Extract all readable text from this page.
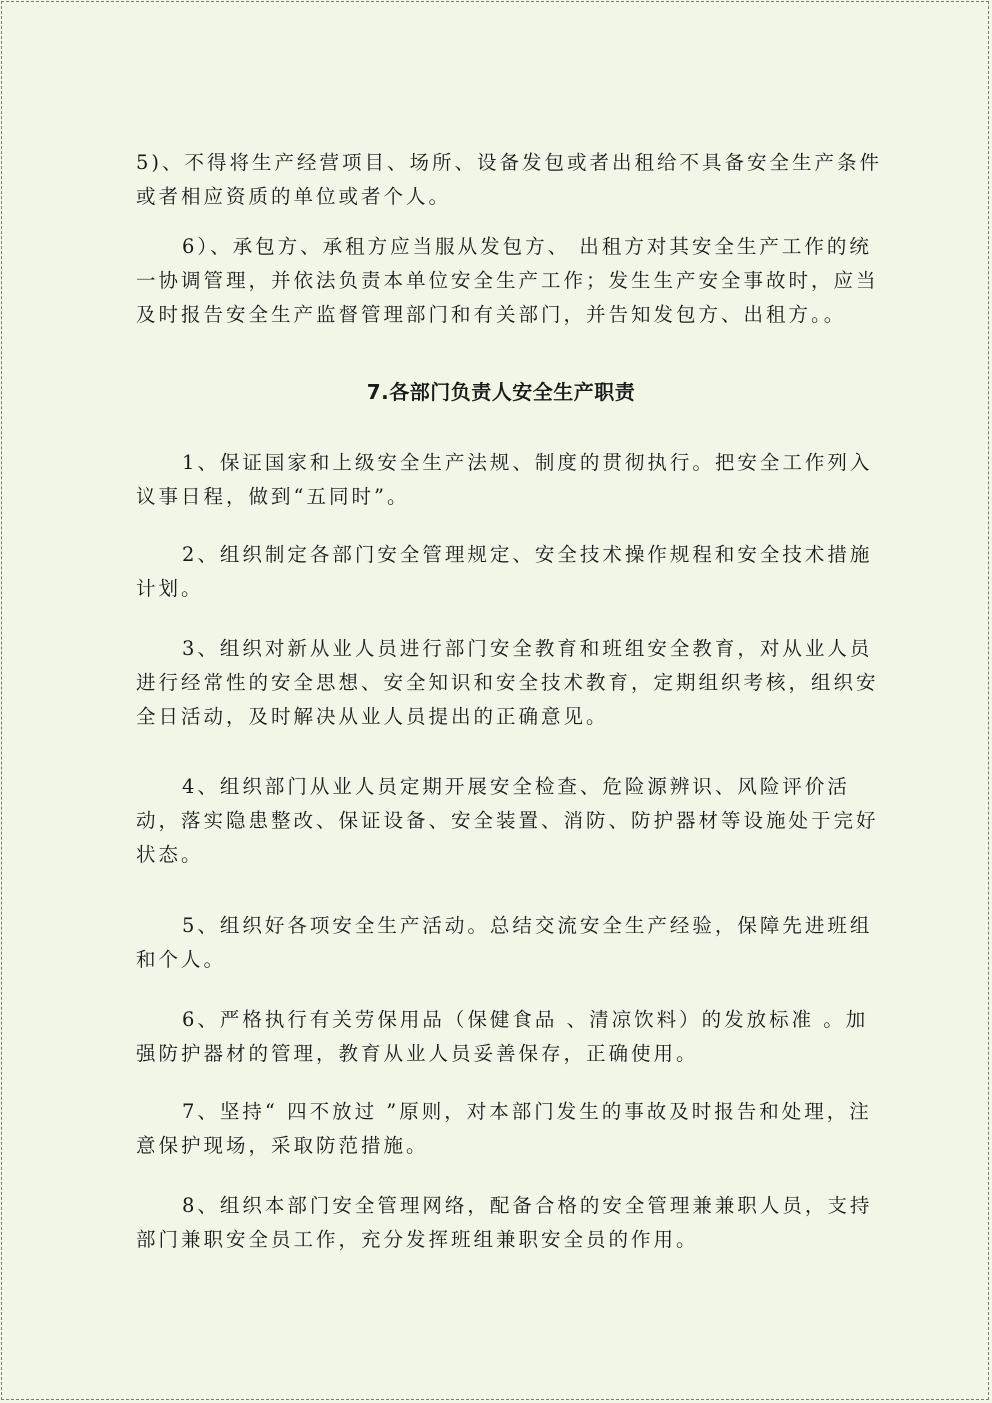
5)、不得将生产经营项目、场所、设备发包或者出租给不具备安全生产条件或者相应资质的单位或者个人。

6）、承包方、承租方应当服从发包方、 出租方对其安全生产工作的统一协调管理，并依法负责本单位安全生产工作；发生生产安全事故时，应当及时报告安全生产监督管理部门和有关部门，并告知发包方、出租方。。

7.各部门负责人安全生产职责

1、保证国家和上级安全生产法规、制度的贯彻执行。把安全工作列入议事日程，做到“五同时”。

2、组织制定各部门安全管理规定、安全技术操作规程和安全技术措施计划。

3、组织对新从业人员进行部门安全教育和班组安全教育，对从业人员进行经常性的安全思想、安全知识和安全技术教育，定期组织考核，组织安全日活动，及时解决从业人员提出的正确意见。

4、组织部门从业人员定期开展安全检查、危险源辨识、风险评价活动，落实隐患整改、保证设备、安全装置、消防、防护器材等设施处于完好状态。

5、组织好各项安全生产活动。总结交流安全生产经验，保障先进班组和个人。

6、严格执行有关劳保用品（保健食品 、清凉饮料）的发放标准 。加强防护器材的管理，教育从业人员妥善保存，正确使用。

7、坚持“ 四不放过 ”原则，对本部门发生的事故及时报告和处理，注意保护现场，采取防范措施。

8、组织本部门安全管理网络，配备合格的安全管理兼兼职人员，支持部门兼职安全员工作，充分发挥班组兼职安全员的作用。
